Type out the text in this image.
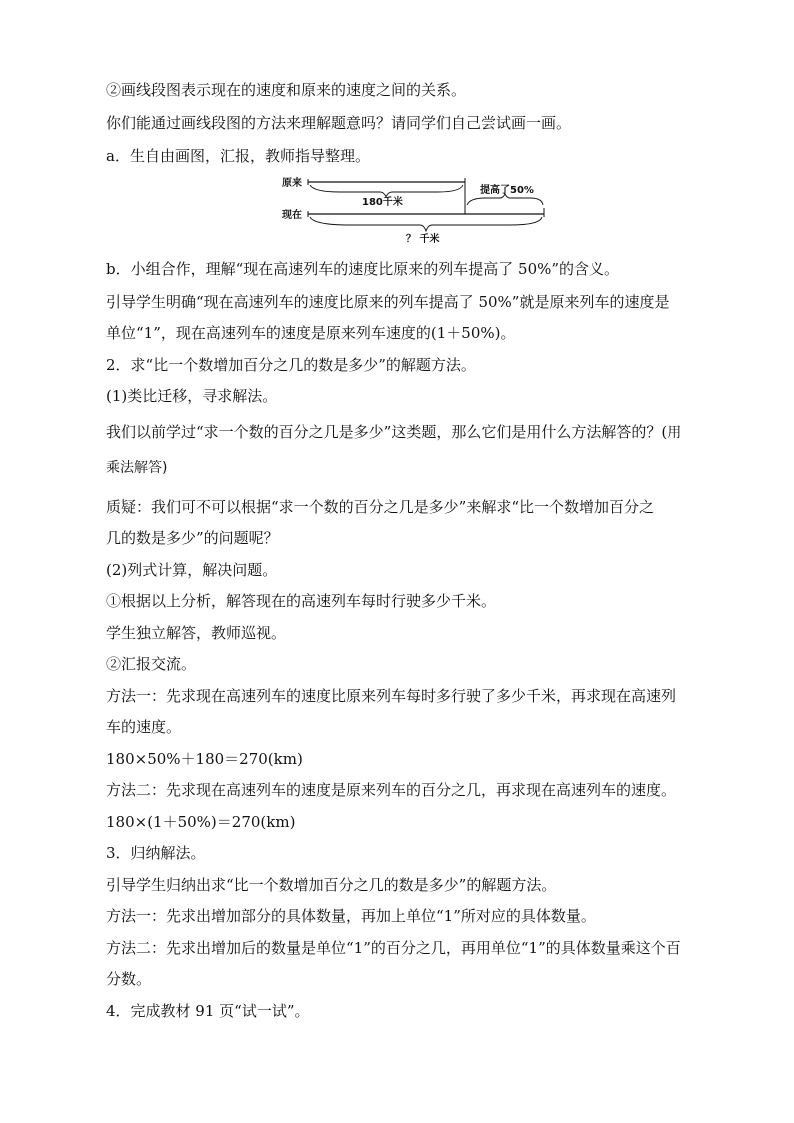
②画线段图表示现在的速度和原来的速度之间的关系。
你们能通过画线段图的方法来理解题意吗？请同学们自己尝试画一画。
a．生自由画图，汇报，教师指导整理。
原来
180千米
提高了50%
现在
？ 千米
b．小组合作，理解“现在高速列车的速度比原来的列车提高了 50%”的含义。
引导学生明确“现在高速列车的速度比原来的列车提高了 50%”就是原来列车的速度是
单位“1”，现在高速列车的速度是原来列车速度的(1＋50%)。
2．求“比一个数增加百分之几的数是多少”的解题方法。
(1)类比迁移，寻求解法。
我们以前学过“求一个数的百分之几是多少”这类题，那么它们是用什么方法解答的？(用
乘法解答)
质疑：我们可不可以根据“求一个数的百分之几是多少”来解求“比一个数增加百分之
几的数是多少”的问题呢？
(2)列式计算，解决问题。
①根据以上分析，解答现在的高速列车每时行驶多少千米。
学生独立解答，教师巡视。
②汇报交流。
方法一：先求现在高速列车的速度比原来列车每时多行驶了多少千米，再求现在高速列
车的速度。
180×50%＋180＝270(km)
方法二：先求现在高速列车的速度是原来列车的百分之几，再求现在高速列车的速度。
180×(1＋50%)＝270(km)
3．归纳解法。
引导学生归纳出求“比一个数增加百分之几的数是多少”的解题方法。
方法一：先求出增加部分的具体数量，再加上单位“1”所对应的具体数量。
方法二：先求出增加后的数量是单位“1”的百分之几，再用单位“1”的具体数量乘这个百
分数。
4．完成教材 91 页“试一试”。
